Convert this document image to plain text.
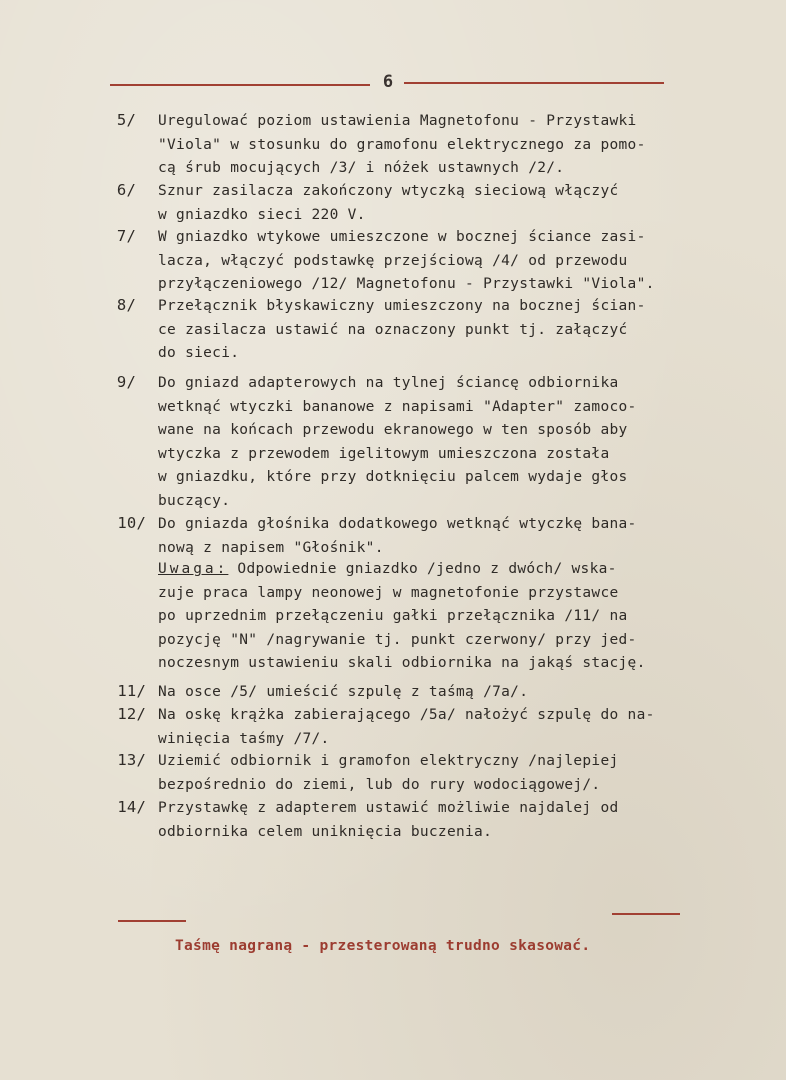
6
5/ Uregulować poziom ustawienia Magnetofonu - Przystawki
"Viola" w stosunku do gramofonu elektrycznego za pomo-
cą śrub mocujących /3/ i nóżek ustawnych /2/.
6/ Sznur zasilacza zakończony wtyczką sieciową włączyć
w gniazdko sieci 220 V.
7/ W gniazdko wtykowe umieszczone w bocznej ściance zasi-
lacza, włączyć podstawkę przejściową /4/ od przewodu
przyłączeniowego /12/ Magnetofonu - Przystawki "Viola".
8/ Przełącznik błyskawiczny umieszczony na bocznej ścian-
ce zasilacza ustawić na oznaczony punkt tj. załączyć
do sieci.
9/ Do gniazd adapterowych na tylnej ściancę odbiornika
wetknąć wtyczki bananowe z napisami "Adapter" zamoco-
wane na końcach przewodu ekranowego w ten sposób aby
wtyczka z przewodem igelitowym umieszczona została
w gniazdku, które przy dotknięciu palcem wydaje głos
buczący.
10/ Do gniazda głośnika dodatkowego wetknąć wtyczkę bana-
nową z napisem "Głośnik".
11/ Na osce /5/ umieścić szpulę z taśmą /7a/.
12/ Na oskę krążka zabierającego /5a/ nałożyć szpulę do na-
winięcia taśmy /7/.
13/ Uziemić odbiornik i gramofon elektryczny /najlepiej
bezpośrednio do ziemi, lub do rury wodociągowej/.
14/ Przystawkę z adapterem ustawić możliwie najdalej od
odbiornika celem uniknięcia buczenia.
Uwaga: Odpowiednie gniazdko /jedno z dwóch/ wska-
zuje praca lampy neonowej w magnetofonie przystawce
po uprzednim przełączeniu gałki przełącznika /11/ na
pozycję "N" /nagrywanie tj. punkt czerwony/ przy jed-
noczesnym ustawieniu skali odbiornika na jakąś stację.
Taśmę nagraną - przesterowaną trudno skasować.
